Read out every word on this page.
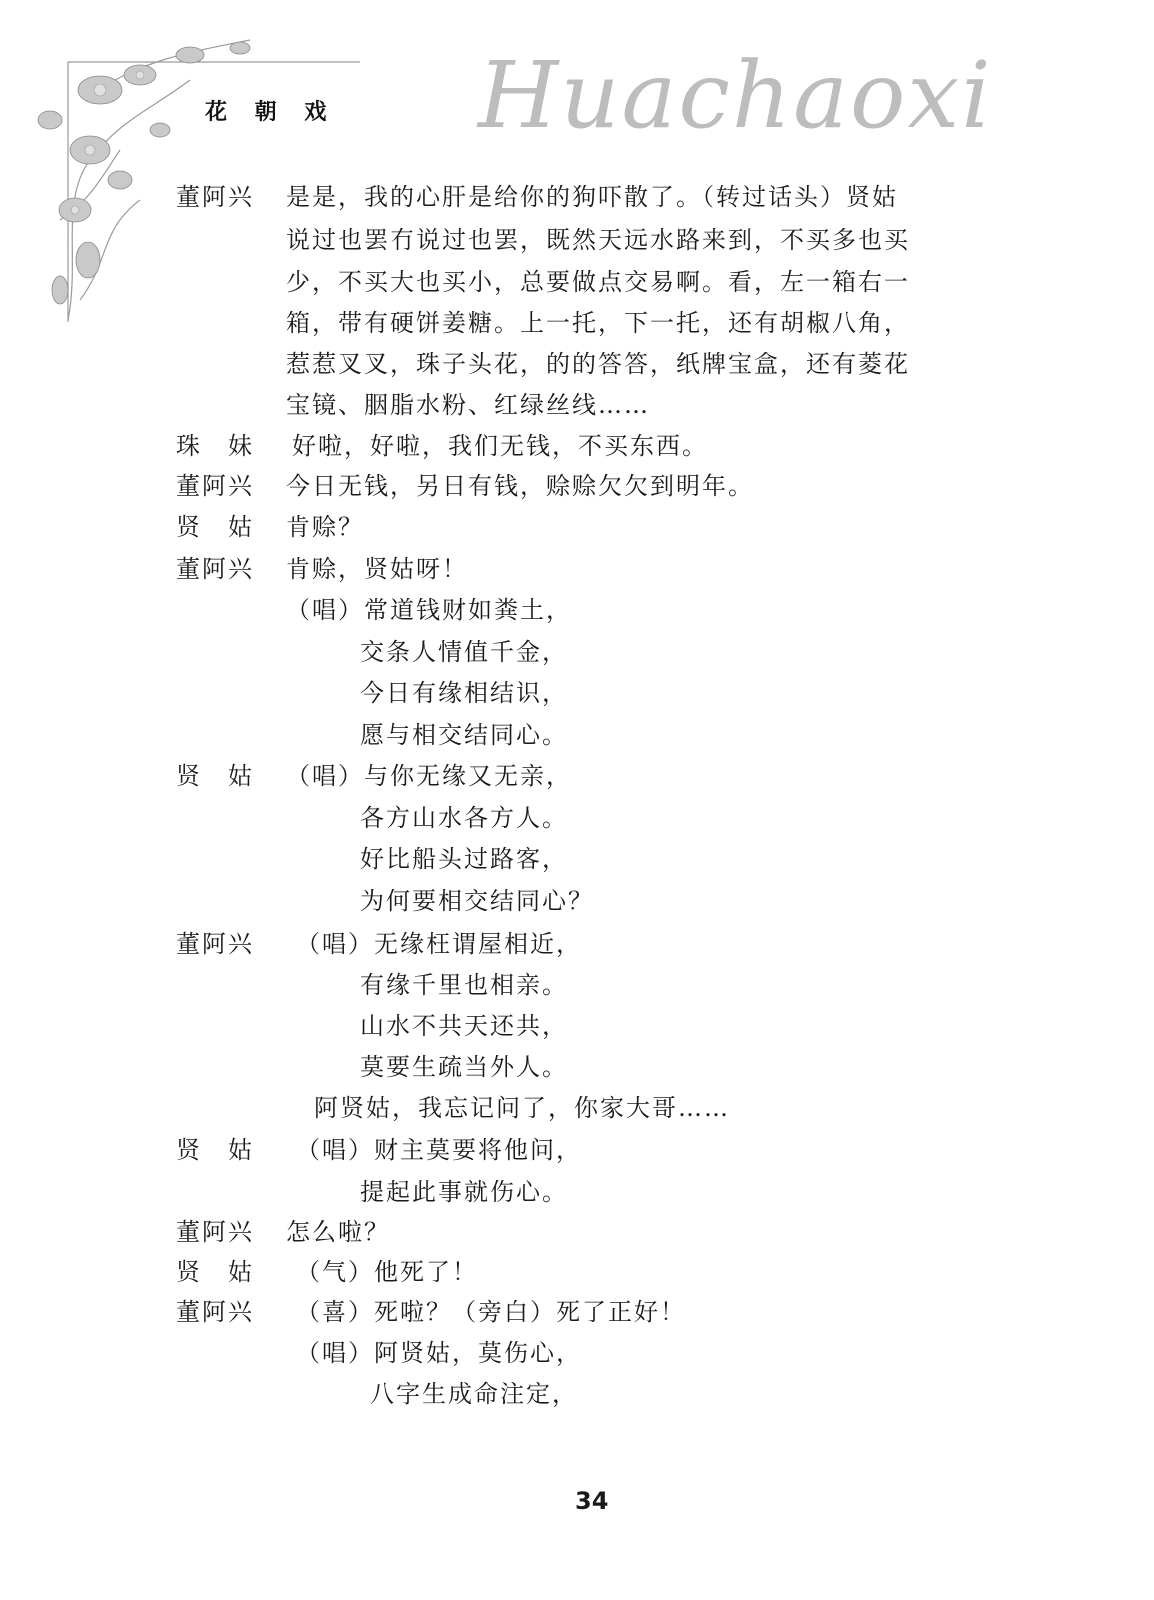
花 朝 戏 Huachaoxi
董阿兴 是是，我的心肝是给你的狗吓散了。（转过话头）贤姑
说过也罢冇说过也罢，既然天远水路来到，不买多也买
少，不买大也买小，总要做点交易啊。看，左一箱右一
箱，带有硬饼姜糖。上一托，下一托，还有胡椒八角，
惹惹叉叉，珠子头花，的的答答，纸牌宝盒，还有菱花
宝镜、胭脂水粉、红绿丝线……
珠　妹 好啦，好啦，我们无钱，不买东西。
董阿兴 今日无钱，另日有钱，赊赊欠欠到明年。
贤　姑 肯赊？
董阿兴 肯赊，贤姑呀！
（唱）常道钱财如粪土，
交条人情值千金，
今日有缘相结识，
愿与相交结同心。
贤　姑 （唱）与你无缘又无亲，
各方山水各方人。
好比船头过路客，
为何要相交结同心？
董阿兴 （唱）无缘枉谓屋相近，
有缘千里也相亲。
山水不共天还共，
莫要生疏当外人。
阿贤姑，我忘记问了，你家大哥……
贤　姑 （唱）财主莫要将他问，
提起此事就伤心。
董阿兴 怎么啦？
贤　姑 （气）他死了！
董阿兴 （喜）死啦？（旁白）死了正好！
（唱）阿贤姑，莫伤心，
八字生成命注定，
34
